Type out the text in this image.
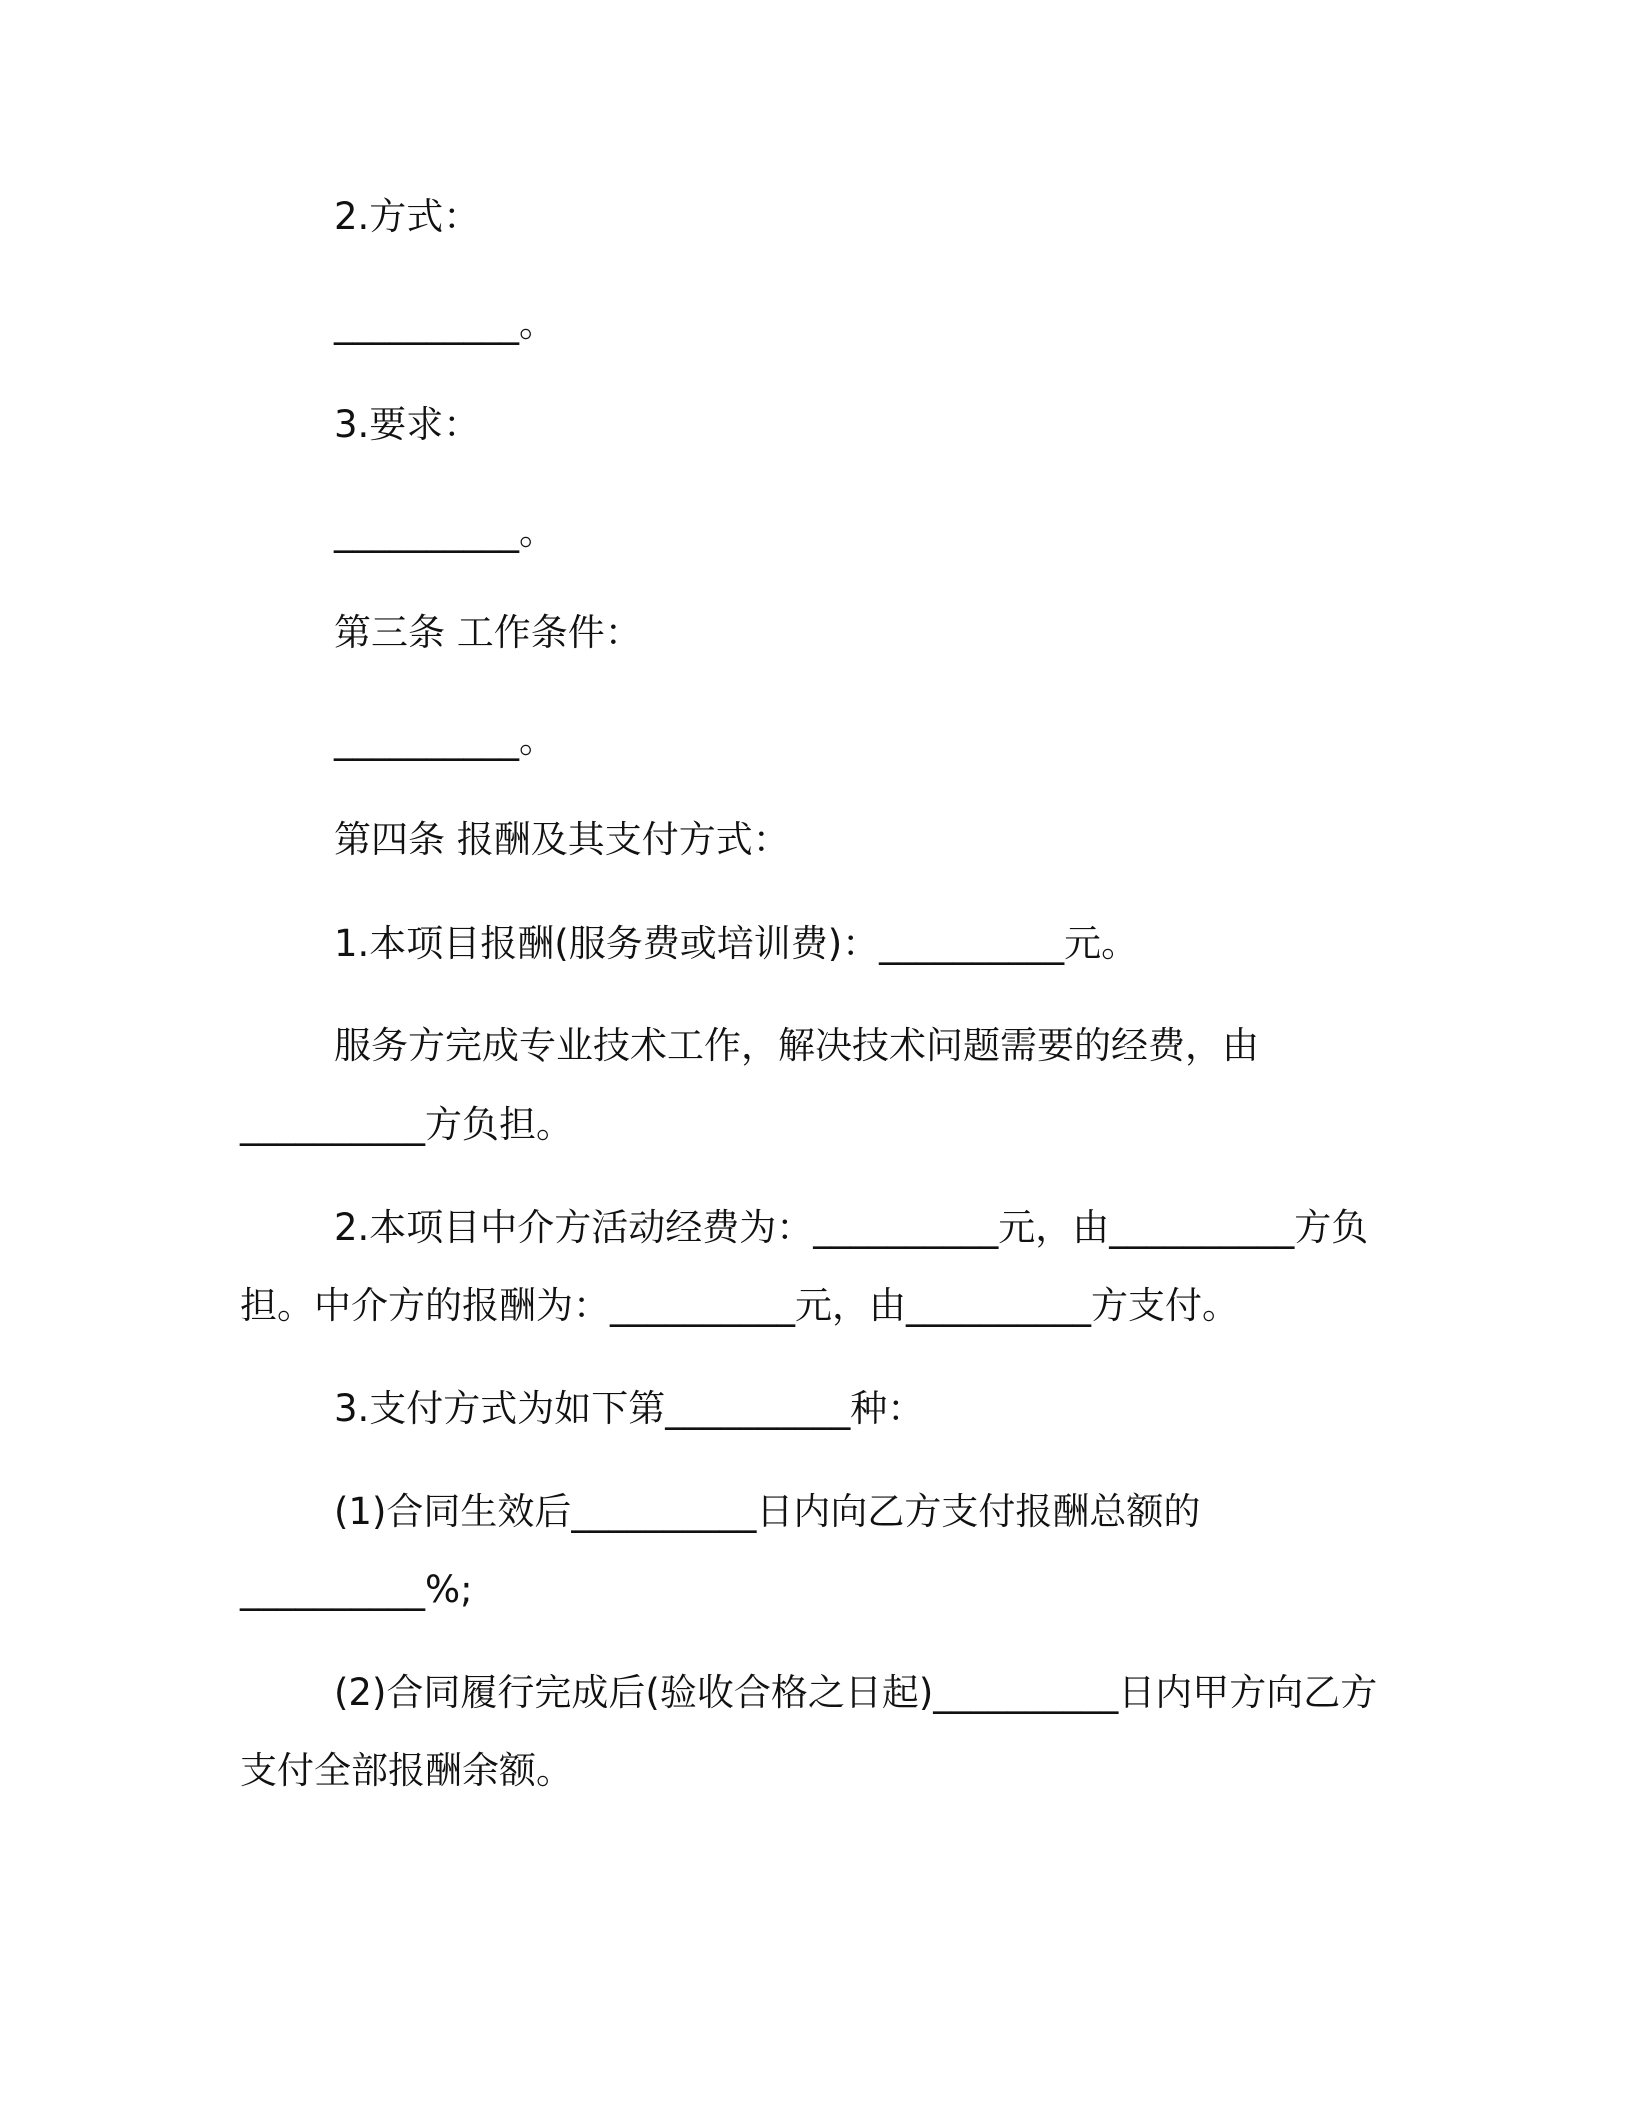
2.方式：

__________。

3.要求：

__________。

第三条 工作条件：

__________。

第四条 报酬及其支付方式：

1.本项目报酬(服务费或培训费)：__________元。

服务方完成专业技术工作，解决技术问题需要的经费，由

__________方负担。

2.本项目中介方活动经费为：__________元，由__________方负

担。中介方的报酬为：__________元，由__________方支付。

3.支付方式为如下第__________种：

(1)合同生效后__________日内向乙方支付报酬总额的

__________%;

(2)合同履行完成后(验收合格之日起)__________日内甲方向乙方

支付全部报酬余额。
